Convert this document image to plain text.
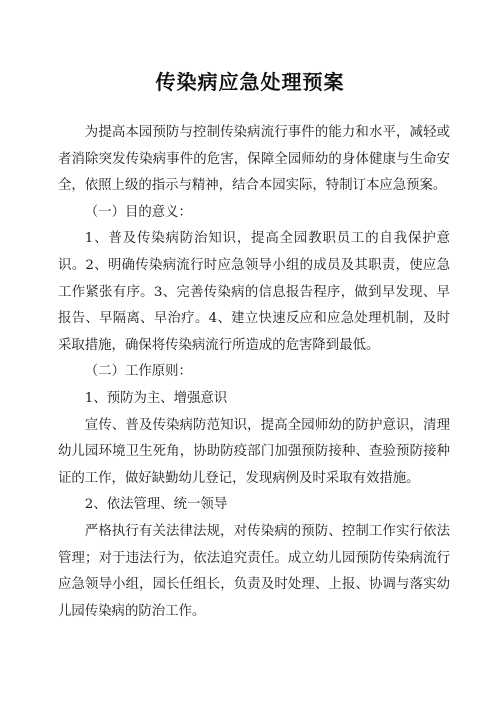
传染病应急处理预案

为提高本园预防与控制传染病流行事件的能力和水平，减轻或者消除突发传染病事件的危害，保障全园师幼的身体健康与生命安全，依照上级的指示与精神，结合本园实际，特制订本应急预案。

（一）目的意义：

1、普及传染病防治知识，提高全园教职员工的自我保护意识。2、明确传染病流行时应急领导小组的成员及其职责，使应急工作紧张有序。3、完善传染病的信息报告程序，做到早发现、早报告、早隔离、早治疗。4、建立快速反应和应急处理机制，及时采取措施，确保将传染病流行所造成的危害降到最低。

（二）工作原则：

1、预防为主、增强意识

宣传、普及传染病防范知识，提高全园师幼的防护意识，清理幼儿园环境卫生死角，协助防疫部门加强预防接种、查验预防接种证的工作，做好缺勤幼儿登记，发现病例及时采取有效措施。

2、依法管理、统一领导

严格执行有关法律法规，对传染病的预防、控制工作实行依法管理；对于违法行为，依法追究责任。成立幼儿园预防传染病流行应急领导小组，园长任组长，负责及时处理、上报、协调与落实幼儿园传染病的防治工作。
